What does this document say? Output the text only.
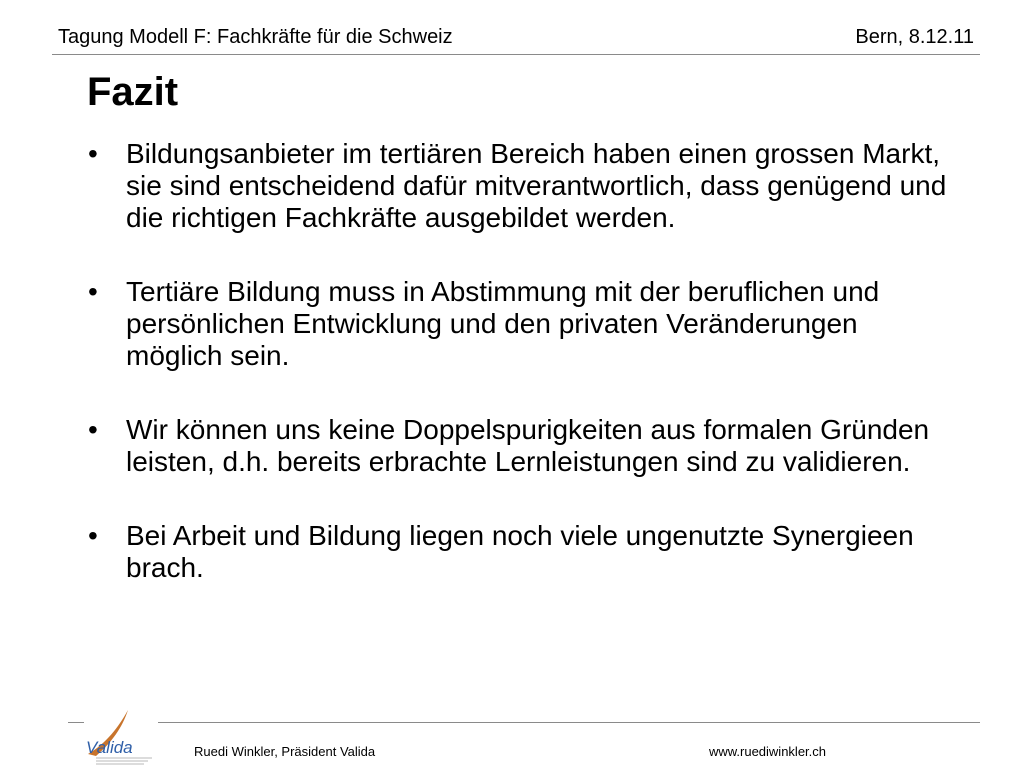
Tagung Modell F: Fachkräfte für die Schweiz	Bern, 8.12.11
Fazit
• Bildungsanbieter im tertiären Bereich haben einen grossen Markt, sie sind entscheidend dafür mitverantwortlich, dass genügend und die richtigen Fachkräfte ausgebildet werden.
• Tertiäre Bildung muss in Abstimmung mit der beruflichen und persönlichen Entwicklung und den privaten Veränderungen möglich sein.
• Wir können uns keine Doppelspurigkeiten aus formalen Gründen leisten, d.h. bereits erbrachte Lernleistungen sind zu validieren.
• Bei Arbeit und Bildung liegen noch viele ungenutzte Synergieen brach.
Valida	Ruedi Winkler, Präsident Valida	www.ruediwinkler.ch
